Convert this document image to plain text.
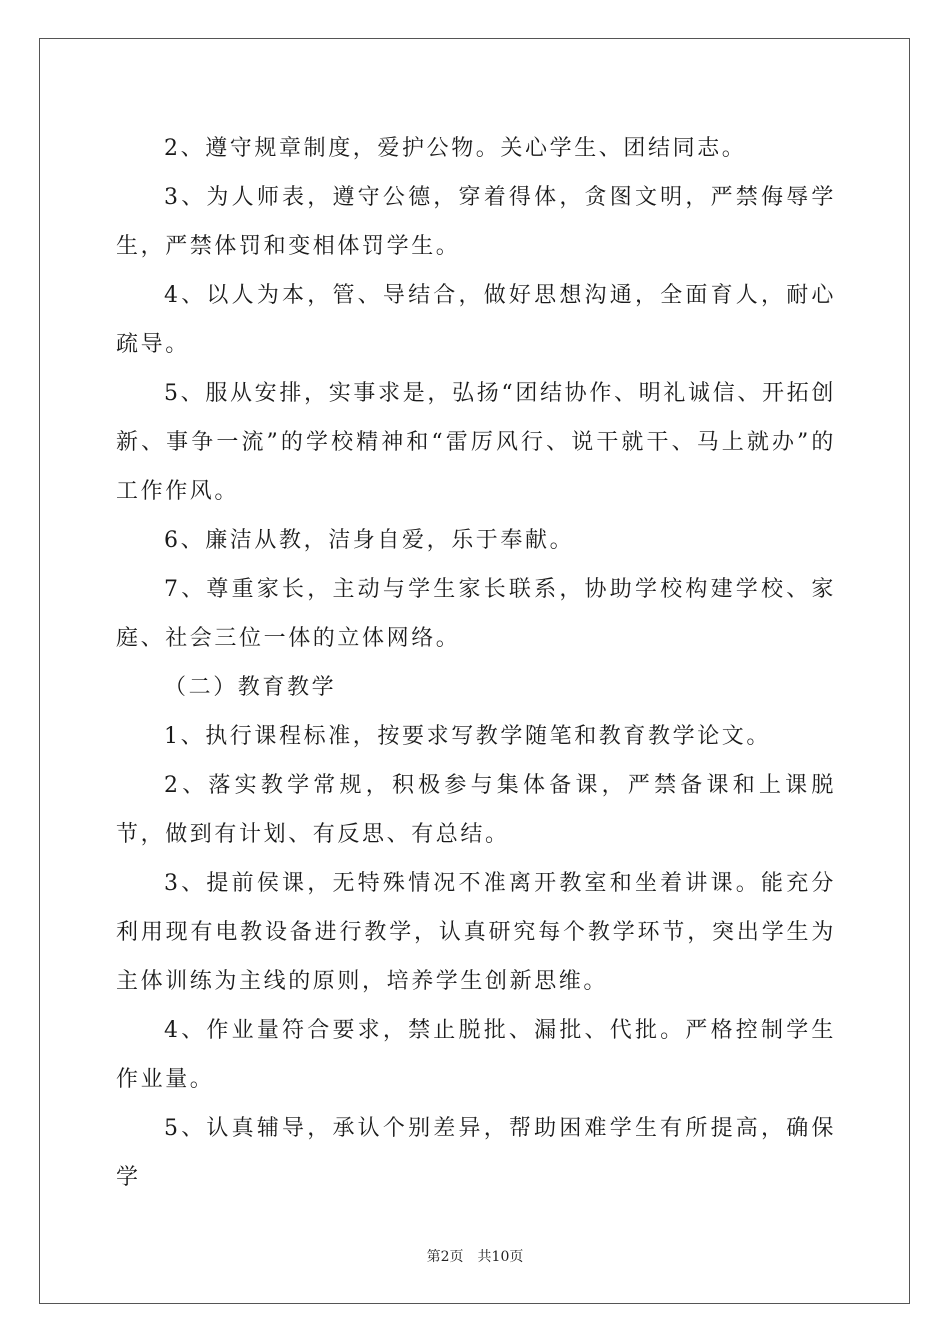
2、遵守规章制度，爱护公物。关心学生、团结同志。

3、为人师表，遵守公德，穿着得体，贪图文明，严禁侮辱学生，严禁体罚和变相体罚学生。

4、以人为本，管、导结合，做好思想沟通，全面育人，耐心疏导。

5、服从安排，实事求是，弘扬“团结协作、明礼诚信、开拓创新、事争一流”的学校精神和“雷厉风行、说干就干、马上就办”的工作作风。

6、廉洁从教，洁身自爱，乐于奉献。

7、尊重家长，主动与学生家长联系，协助学校构建学校、家庭、社会三位一体的立体网络。

（二）教育教学

1、执行课程标准，按要求写教学随笔和教育教学论文。

2、落实教学常规，积极参与集体备课，严禁备课和上课脱节，做到有计划、有反思、有总结。

3、提前侯课，无特殊情况不准离开教室和坐着讲课。能充分利用现有电教设备进行教学，认真研究每个教学环节，突出学生为主体训练为主线的原则，培养学生创新思维。

4、作业量符合要求，禁止脱批、漏批、代批。严格控制学生作业量。

5、认真辅导，承认个别差异，帮助困难学生有所提高，确保学

第2页 共10页
